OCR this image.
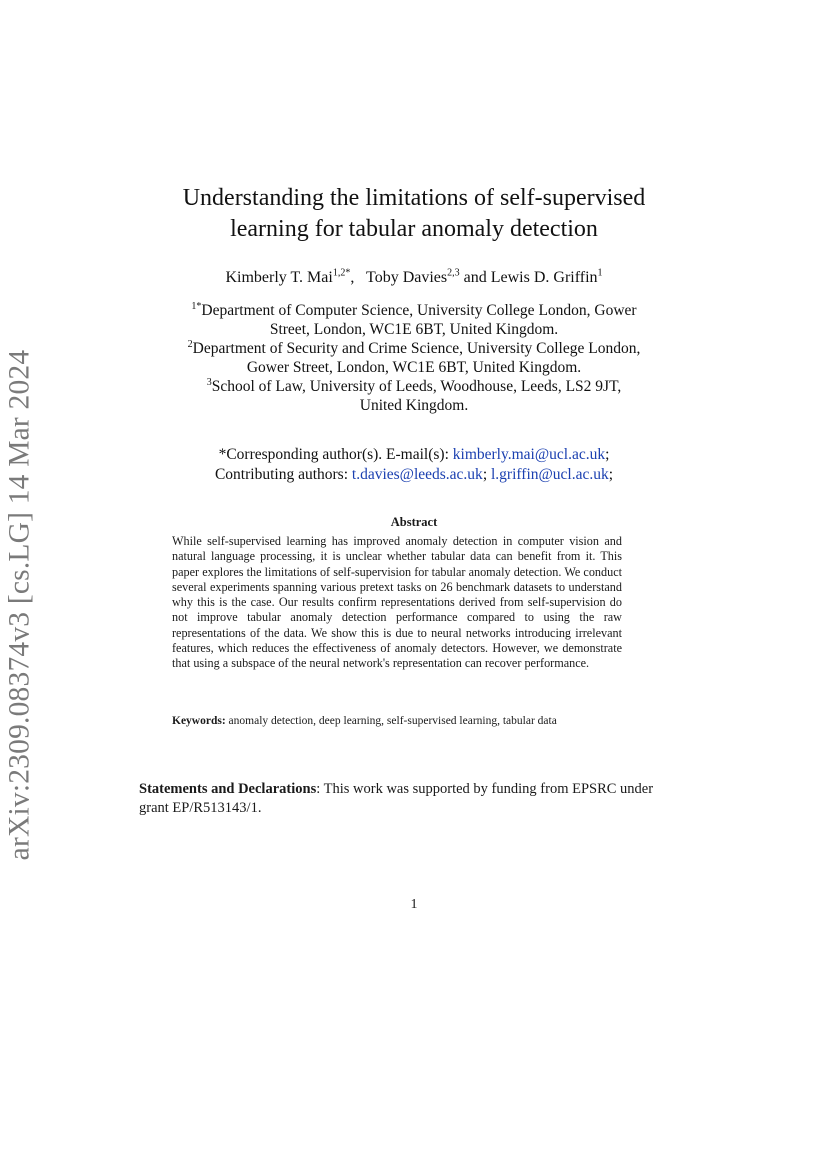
arXiv:2309.08374v3 [cs.LG] 14 Mar 2024
Understanding the limitations of self-supervised
learning for tabular anomaly detection
Kimberly T. Mai$^{1,2*}$,   Toby Davies$^{2,3}$ and Lewis D. Griffin$^1$
$^{1*}$Department of Computer Science, University College London, Gower
Street, London, WC1E 6BT, United Kingdom.
$^2$Department of Security and Crime Science, University College London,
Gower Street, London, WC1E 6BT, United Kingdom.
$^3$School of Law, University of Leeds, Woodhouse, Leeds, LS2 9JT,
United Kingdom.
*Corresponding author(s). E-mail(s): kimberly.mai@ucl.ac.uk;
Contributing authors: t.davies@leeds.ac.uk; l.griffin@ucl.ac.uk;
Abstract
While self-supervised learning has improved anomaly detection in computer vision and natural language processing, it is unclear whether tabular data can benefit from it. This paper explores the limitations of self-supervision for tabular anomaly detection. We conduct several experiments spanning various pretext tasks on 26 benchmark datasets to understand why this is the case. Our results confirm representations derived from self-supervision do not improve tabular anomaly detection performance compared to using the raw representations of the data. We show this is due to neural networks introducing irrelevant features, which reduces the effectiveness of anomaly detectors. However, we demonstrate that using a subspace of the neural network's representation can recover performance.
Keywords: anomaly detection, deep learning, self-supervised learning, tabular data
Statements and Declarations: This work was supported by funding from EPSRC under grant EP/R513143/1.
1
